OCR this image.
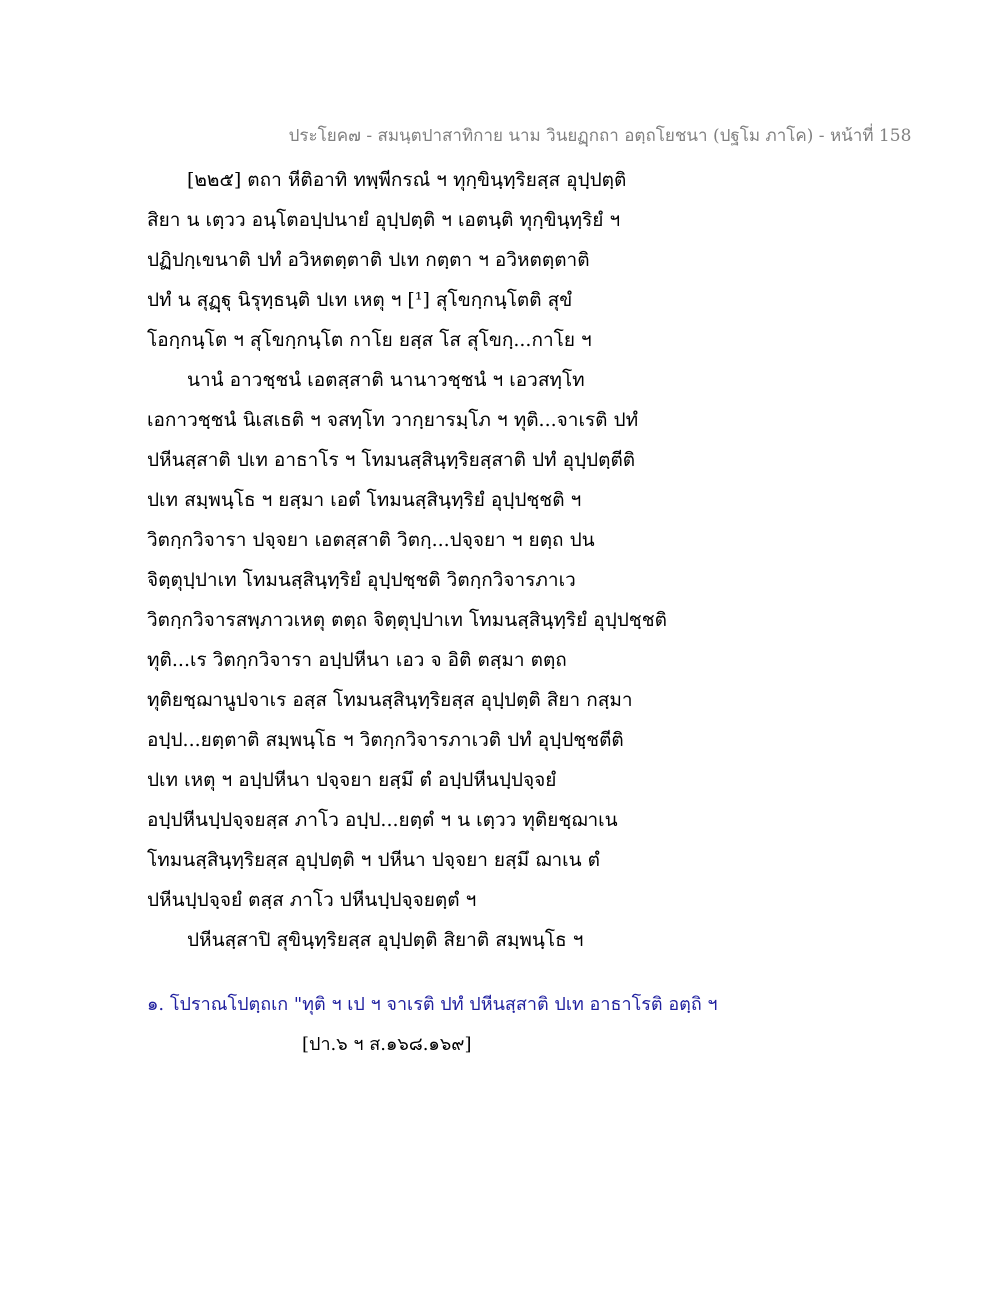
ประโยค๗ - สมนฺตปาสาทิกาย นาม วินยฏฺกถา อตฺถโยชนา (ปฐโม ภาโค) - หน้าที่ 158
[๒๒๕] ตถา หีติอาทิ ทพฺพีกรณํ ฯ ทุกฺขินฺทฺริยสฺส อุปฺปตฺติ
สิยา น เตฺวว อนฺโตอปฺปนายํ อุปฺปตฺติ ฯ เอตนฺติ ทุกฺขินฺทฺริยํ ฯ
ปฏิปกฺเขนาติ ปทํ อวิหตตฺตาติ ปเท กตฺตา ฯ อวิหตตฺตาติ
ปทํ น สุฏฺฐุ นิรุทฺธนฺติ ปเท เหตุ ฯ [¹] สุโขกฺกนฺโตติ สุขํ
โอกฺกนฺโต ฯ สุโขกฺกนฺโต กาโย ยสฺส โส สุโขกฺ...กาโย ฯ
นานํ อาวชฺชนํ เอตสฺสาติ นานาวชฺชนํ ฯ เอวสทฺโท
เอกาวชฺชนํ นิเสเธติ ฯ จสทฺโท วากฺยารมฺโภ ฯ ทุติ...จาเรติ ปทํ
ปหีนสฺสาติ ปเท อาธาโร ฯ โทมนสฺสินฺทฺริยสฺสาติ ปทํ อุปฺปตฺตีติ
ปเท สมฺพนฺโธ ฯ ยสฺมา เอตํ โทมนสฺสินฺทฺริยํ อุปฺปชฺชติ ฯ
วิตกฺกวิจารา ปจฺจยา เอตสฺสาติ วิตกฺ...ปจฺจยา ฯ ยตฺถ ปน
จิตฺตุปฺปาเท โทมนสฺสินฺทฺริยํ อุปฺปชฺชติ วิตกฺกวิจารภาเว
วิตกฺกวิจารสพฺภาวเหตุ ตตฺถ จิตฺตุปฺปาเท โทมนสฺสินฺทฺริยํ อุปฺปชฺชติ
ทุติ...เร วิตกฺกวิจารา อปฺปหีนา เอว จ อิติ ตสฺมา ตตฺถ
ทุติยชฺฌานูปจาเร อสฺส โทมนสฺสินฺทฺริยสฺส อุปฺปตฺติ สิยา กสฺมา
อปฺป...ยตฺตาติ สมฺพนฺโธ ฯ วิตกฺกวิจารภาเวติ ปทํ อุปฺปชฺชตีติ
ปเท เหตุ ฯ อปฺปหีนา ปจฺจยา ยสฺมึ ตํ อปฺปหีนปฺปจฺจยํ
อปฺปหีนปฺปจฺจยสฺส ภาโว อปฺป...ยตฺตํ ฯ น เตฺวว ทุติยชฺฌาเน
โทมนสฺสินฺทฺริยสฺส อุปฺปตฺติ ฯ ปหีนา ปจฺจยา ยสฺมึ ฌาเน ตํ
ปหีนปฺปจฺจยํ ตสฺส ภาโว ปหีนปฺปจฺจยตฺตํ ฯ
ปหีนสฺสาปิ สุขินฺทฺริยสฺส อุปฺปตฺติ สิยาติ สมฺพนฺโธ ฯ
๑. โปราณโปตฺถเก "ทุติ ฯ เป ฯ จาเรติ ปทํ ปหีนสฺสาติ ปเท อาธาโรติ อตฺถิ ฯ
[ปา.๖ ฯ ส.๑๖๘.๑๖๙]
